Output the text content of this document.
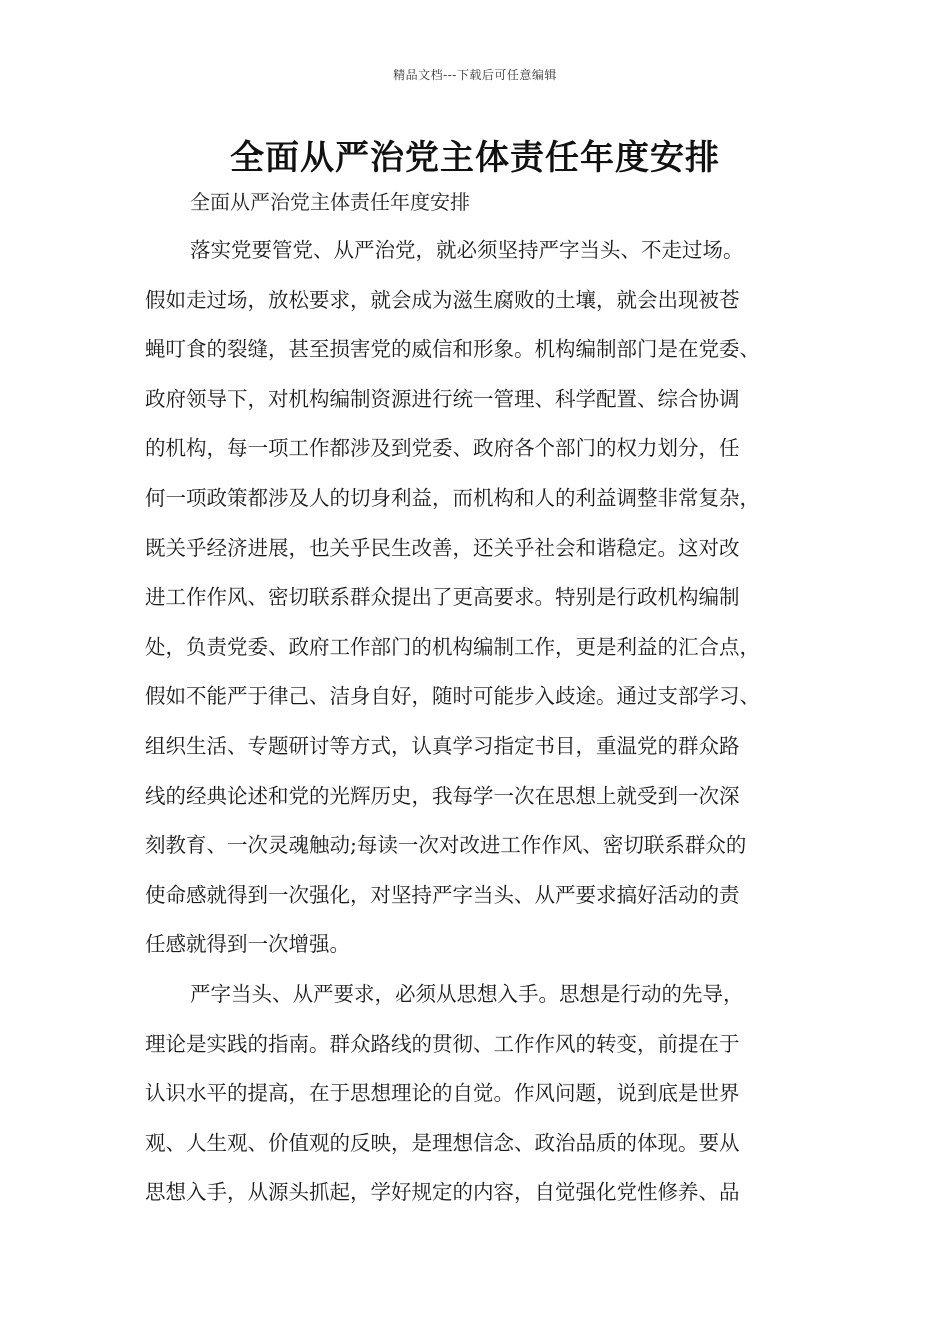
精品文档---下载后可任意编辑
全面从严治党主体责任年度安排
全面从严治党主体责任年度安排
落实党要管党、从严治党，就必须坚持严字当头、不走过场。
假如走过场，放松要求，就会成为滋生腐败的土壤，就会出现被苍
蝇叮食的裂缝，甚至损害党的威信和形象。机构编制部门是在党委、
政府领导下，对机构编制资源进行统一管理、科学配置、综合协调
的机构，每一项工作都涉及到党委、政府各个部门的权力划分，任
何一项政策都涉及人的切身利益，而机构和人的利益调整非常复杂，
既关乎经济进展，也关乎民生改善，还关乎社会和谐稳定。这对改
进工作作风、密切联系群众提出了更高要求。特别是行政机构编制
处，负责党委、政府工作部门的机构编制工作，更是利益的汇合点，
假如不能严于律己、洁身自好，随时可能步入歧途。通过支部学习、
组织生活、专题研讨等方式，认真学习指定书目，重温党的群众路
线的经典论述和党的光辉历史，我每学一次在思想上就受到一次深
刻教育、一次灵魂触动;每读一次对改进工作作风、密切联系群众的
使命感就得到一次强化，对坚持严字当头、从严要求搞好活动的责
任感就得到一次增强。
严字当头、从严要求，必须从思想入手。思想是行动的先导，
理论是实践的指南。群众路线的贯彻、工作作风的转变，前提在于
认识水平的提高，在于思想理论的自觉。作风问题，说到底是世界
观、人生观、价值观的反映，是理想信念、政治品质的体现。要从
思想入手，从源头抓起，学好规定的内容，自觉强化党性修养、品
